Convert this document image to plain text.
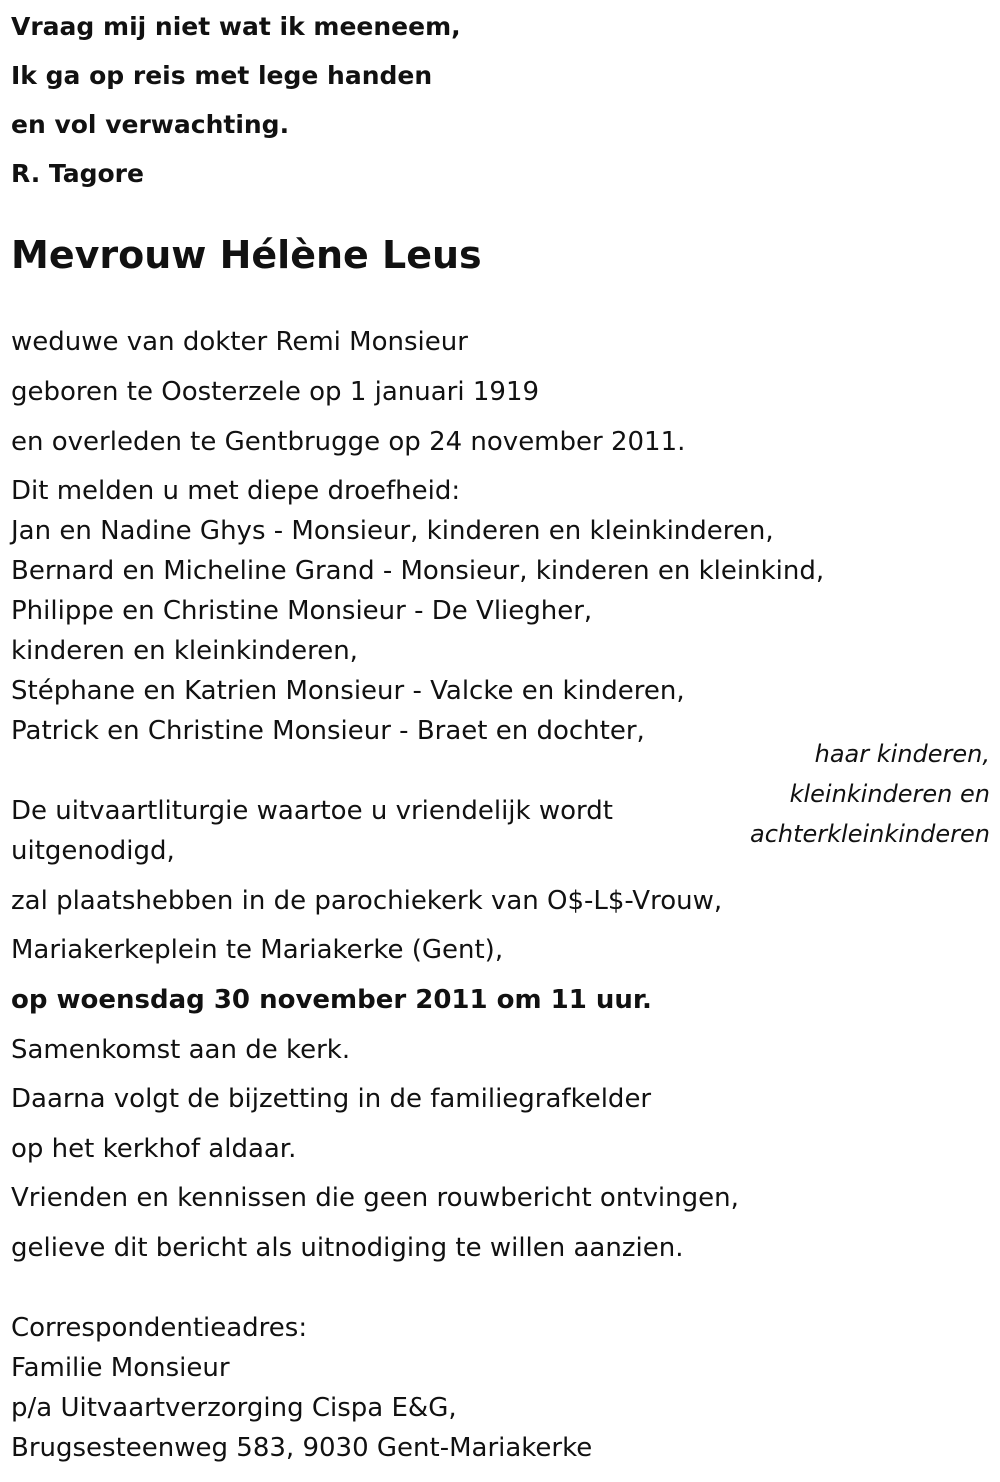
Vraag mij niet wat ik meeneem,
Ik ga op reis met lege handen
en vol verwachting.
R. Tagore
Mevrouw Hélène Leus
weduwe van dokter Remi Monsieur
geboren te Oosterzele op 1 januari 1919
en overleden te Gentbrugge op 24 november 2011.
Dit melden u met diepe droefheid:
Jan en Nadine Ghys - Monsieur, kinderen en kleinkinderen,
Bernard en Micheline Grand - Monsieur, kinderen en kleinkind,
Philippe en Christine Monsieur - De Vliegher,
kinderen en kleinkinderen,
Stéphane en Katrien Monsieur - Valcke en kinderen,
Patrick en Christine Monsieur - Braet en dochter,
haar kinderen,
kleinkinderen en
achterkleinkinderen
De uitvaartliturgie waartoe u vriendelijk wordt
uitgenodigd,
zal plaatshebben in de parochiekerk van O$-L$-Vrouw,
Mariakerkeplein te Mariakerke (Gent),
op woensdag 30 november 2011 om 11 uur.
Samenkomst aan de kerk.
Daarna volgt de bijzetting in de familiegrafkelder
op het kerkhof aldaar.
Vrienden en kennissen die geen rouwbericht ontvingen,
gelieve dit bericht als uitnodiging te willen aanzien.
Correspondentieadres:
Familie Monsieur
p/a Uitvaartverzorging Cispa E&G,
Brugsesteenweg 583, 9030 Gent-Mariakerke
